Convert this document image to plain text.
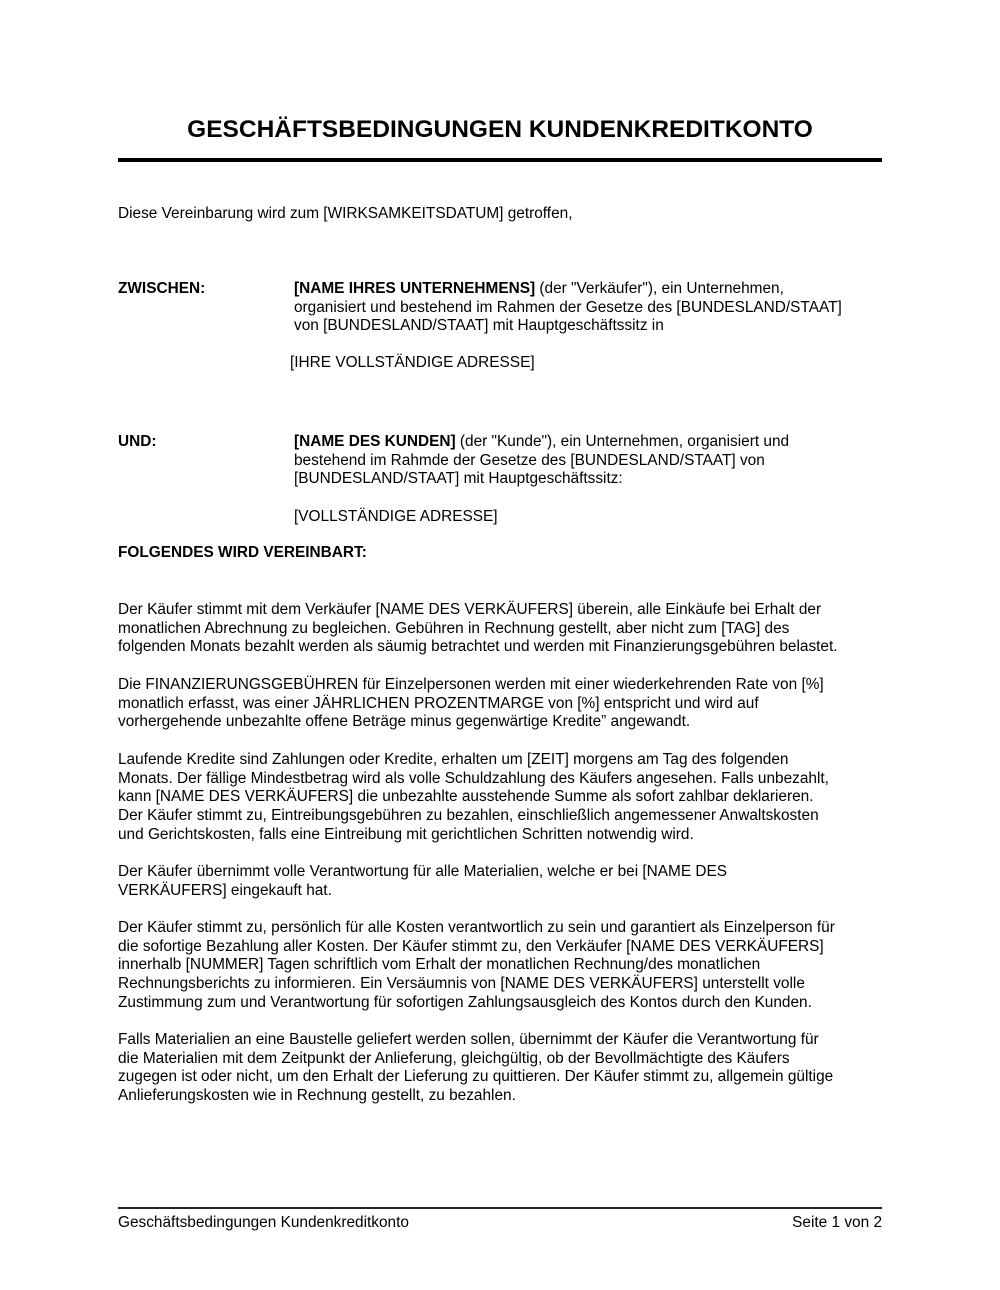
GESCHÄFTSBEDINGUNGEN KUNDENKREDITKONTO
Diese Vereinbarung wird zum [WIRKSAMKEITSDATUM] getroffen,
ZWISCHEN:	[NAME IHRES UNTERNEHMENS] (der "Verkäufer"), ein Unternehmen,
organisiert und bestehend im Rahmen der Gesetze des [BUNDESLAND/STAAT]
von [BUNDESLAND/STAAT] mit Hauptgeschäftssitz in
[IHRE VOLLSTÄNDIGE ADRESSE]
UND:	[NAME DES KUNDEN] (der "Kunde"), ein Unternehmen, organisiert und
bestehend im Rahmde der Gesetze des [BUNDESLAND/STAAT] von
[BUNDESLAND/STAAT] mit Hauptgeschäftssitz:
[VOLLSTÄNDIGE ADRESSE]
FOLGENDES WIRD VEREINBART:
Der Käufer stimmt mit dem Verkäufer [NAME DES VERKÄUFERS] überein, alle Einkäufe bei Erhalt der
monatlichen Abrechnung zu begleichen. Gebühren in Rechnung gestellt, aber nicht zum [TAG] des
folgenden Monats bezahlt werden als säumig betrachtet und werden mit Finanzierungsgebühren belastet.
Die FINANZIERUNGSGEBÜHREN für Einzelpersonen werden mit einer wiederkehrenden Rate von [%]
monatlich erfasst, was einer JÄHRLICHEN PROZENTMARGE von [%] entspricht und wird auf
vorhergehende unbezahlte offene Beträge minus gegenwärtige Kredite” angewandt.
Laufende Kredite sind Zahlungen oder Kredite, erhalten um [ZEIT] morgens am Tag des folgenden
Monats. Der fällige Mindestbetrag wird als volle Schuldzahlung des Käufers angesehen. Falls unbezahlt,
kann [NAME DES VERKÄUFERS] die unbezahlte ausstehende Summe als sofort zahlbar deklarieren.
Der Käufer stimmt zu, Eintreibungsgebühren zu bezahlen, einschließlich angemessener Anwaltskosten
und Gerichtskosten, falls eine Eintreibung mit gerichtlichen Schritten notwendig wird.
Der Käufer übernimmt volle Verantwortung für alle Materialien, welche er bei [NAME DES
VERKÄUFERS] eingekauft hat.
Der Käufer stimmt zu, persönlich für alle Kosten verantwortlich zu sein und garantiert als Einzelperson für
die sofortige Bezahlung aller Kosten. Der Käufer stimmt zu, den Verkäufer [NAME DES VERKÄUFERS]
innerhalb [NUMMER] Tagen schriftlich vom Erhalt der monatlichen Rechnung/des monatlichen
Rechnungsberichts zu informieren. Ein Versäumnis von [NAME DES VERKÄUFERS] unterstellt volle
Zustimmung zum und Verantwortung für sofortigen Zahlungsausgleich des Kontos durch den Kunden.
Falls Materialien an eine Baustelle geliefert werden sollen, übernimmt der Käufer die Verantwortung für
die Materialien mit dem Zeitpunkt der Anlieferung, gleichgültig, ob der Bevollmächtigte des Käufers
zugegen ist oder nicht, um den Erhalt der Lieferung zu quittieren. Der Käufer stimmt zu, allgemein gültige
Anlieferungskosten wie in Rechnung gestellt, zu bezahlen.
Geschäftsbedingungen Kundenkreditkonto	Seite 1 von 2
